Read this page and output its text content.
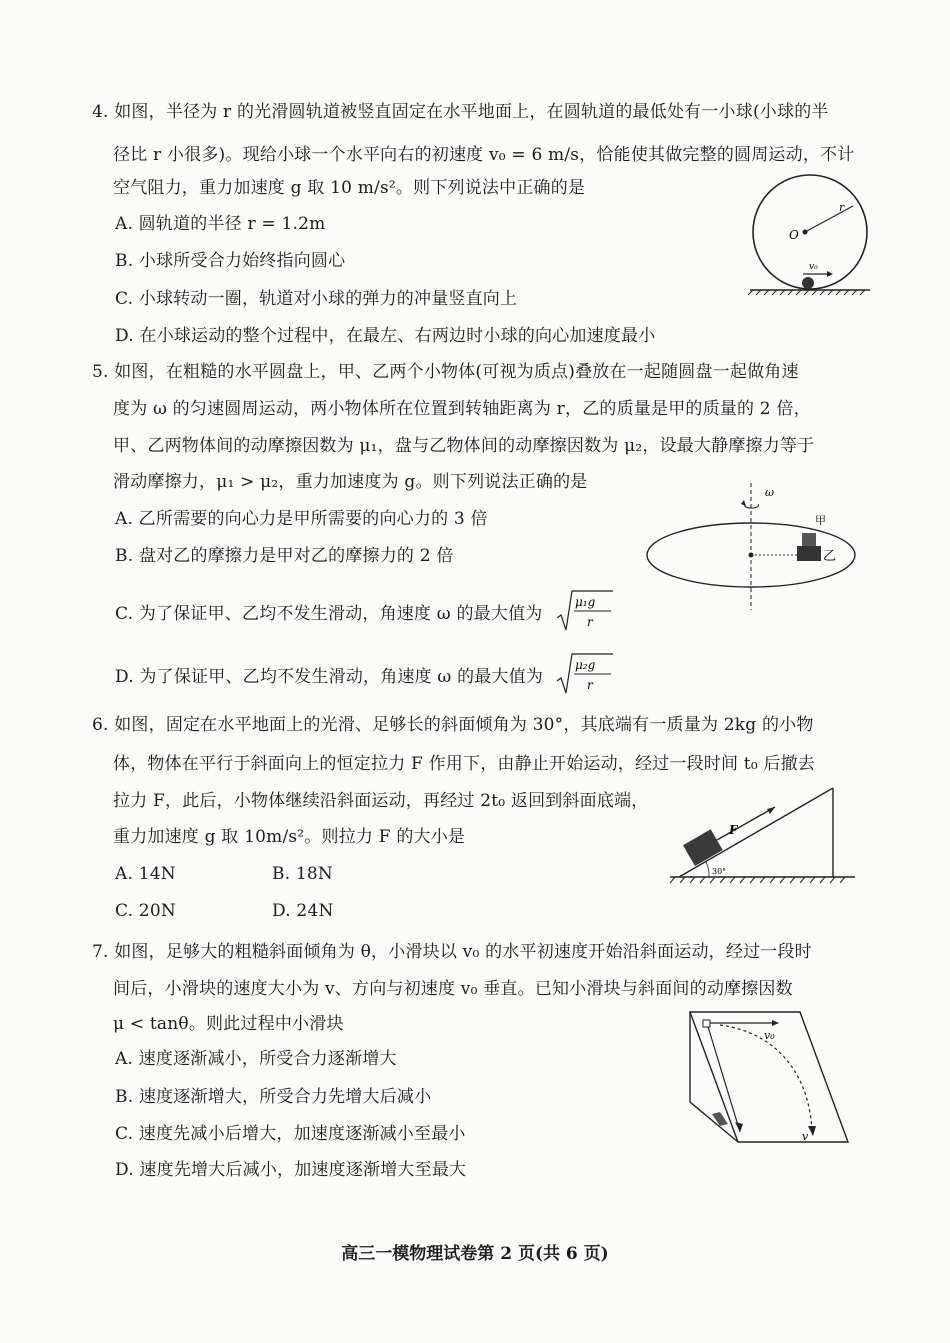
4. 如图，半径为 r 的光滑圆轨道被竖直固定在水平地面上，在圆轨道的最低处有一小球(小球的半
径比 r 小很多)。现给小球一个水平向右的初速度 v₀ = 6 m/s，恰能使其做完整的圆周运动，不计
空气阻力，重力加速度 g 取 10 m/s²。则下列说法中正确的是
A. 圆轨道的半径 r = 1.2m
B. 小球所受合力始终指向圆心
C. 小球转动一圈，轨道对小球的弹力的冲量竖直向上
D. 在小球运动的整个过程中，在最左、右两边时小球的向心加速度最小
O
r
v₀
5. 如图，在粗糙的水平圆盘上，甲、乙两个小物体(可视为质点)叠放在一起随圆盘一起做角速
度为 ω 的匀速圆周运动，两小物体所在位置到转轴距离为 r，乙的质量是甲的质量的 2 倍，
甲、乙两物体间的动摩擦因数为 μ₁，盘与乙物体间的动摩擦因数为 μ₂，设最大静摩擦力等于
滑动摩擦力，μ₁ > μ₂，重力加速度为 g。则下列说法正确的是
A. 乙所需要的向心力是甲所需要的向心力的 3 倍
B. 盘对乙的摩擦力是甲对乙的摩擦力的 2 倍
C. 为了保证甲、乙均不发生滑动，角速度 ω 的最大值为
μ₁g
r
D. 为了保证甲、乙均不发生滑动，角速度 ω 的最大值为
μ₂g
r
ω
甲
乙
6. 如图，固定在水平地面上的光滑、足够长的斜面倾角为 30°，其底端有一质量为 2kg 的小物
体，物体在平行于斜面向上的恒定拉力 F 作用下，由静止开始运动，经过一段时间 t₀ 后撤去
拉力 F，此后，小物体继续沿斜面运动，再经过 2t₀ 返回到斜面底端，
重力加速度 g 取 10m/s²。则拉力 F 的大小是
A. 14N	B. 18N
C. 20N	D. 24N
F
30°
7. 如图，足够大的粗糙斜面倾角为 θ，小滑块以 v₀ 的水平初速度开始沿斜面运动，经过一段时
间后，小滑块的速度大小为 v、方向与初速度 v₀ 垂直。已知小滑块与斜面间的动摩擦因数
μ < tanθ。则此过程中小滑块
A. 速度逐渐减小，所受合力逐渐增大
B. 速度逐渐增大，所受合力先增大后减小
C. 速度先减小后增大，加速度逐渐减小至最小
D. 速度先增大后减小，加速度逐渐增大至最大
v₀
v
高三一模物理试卷第 2 页(共 6 页)
